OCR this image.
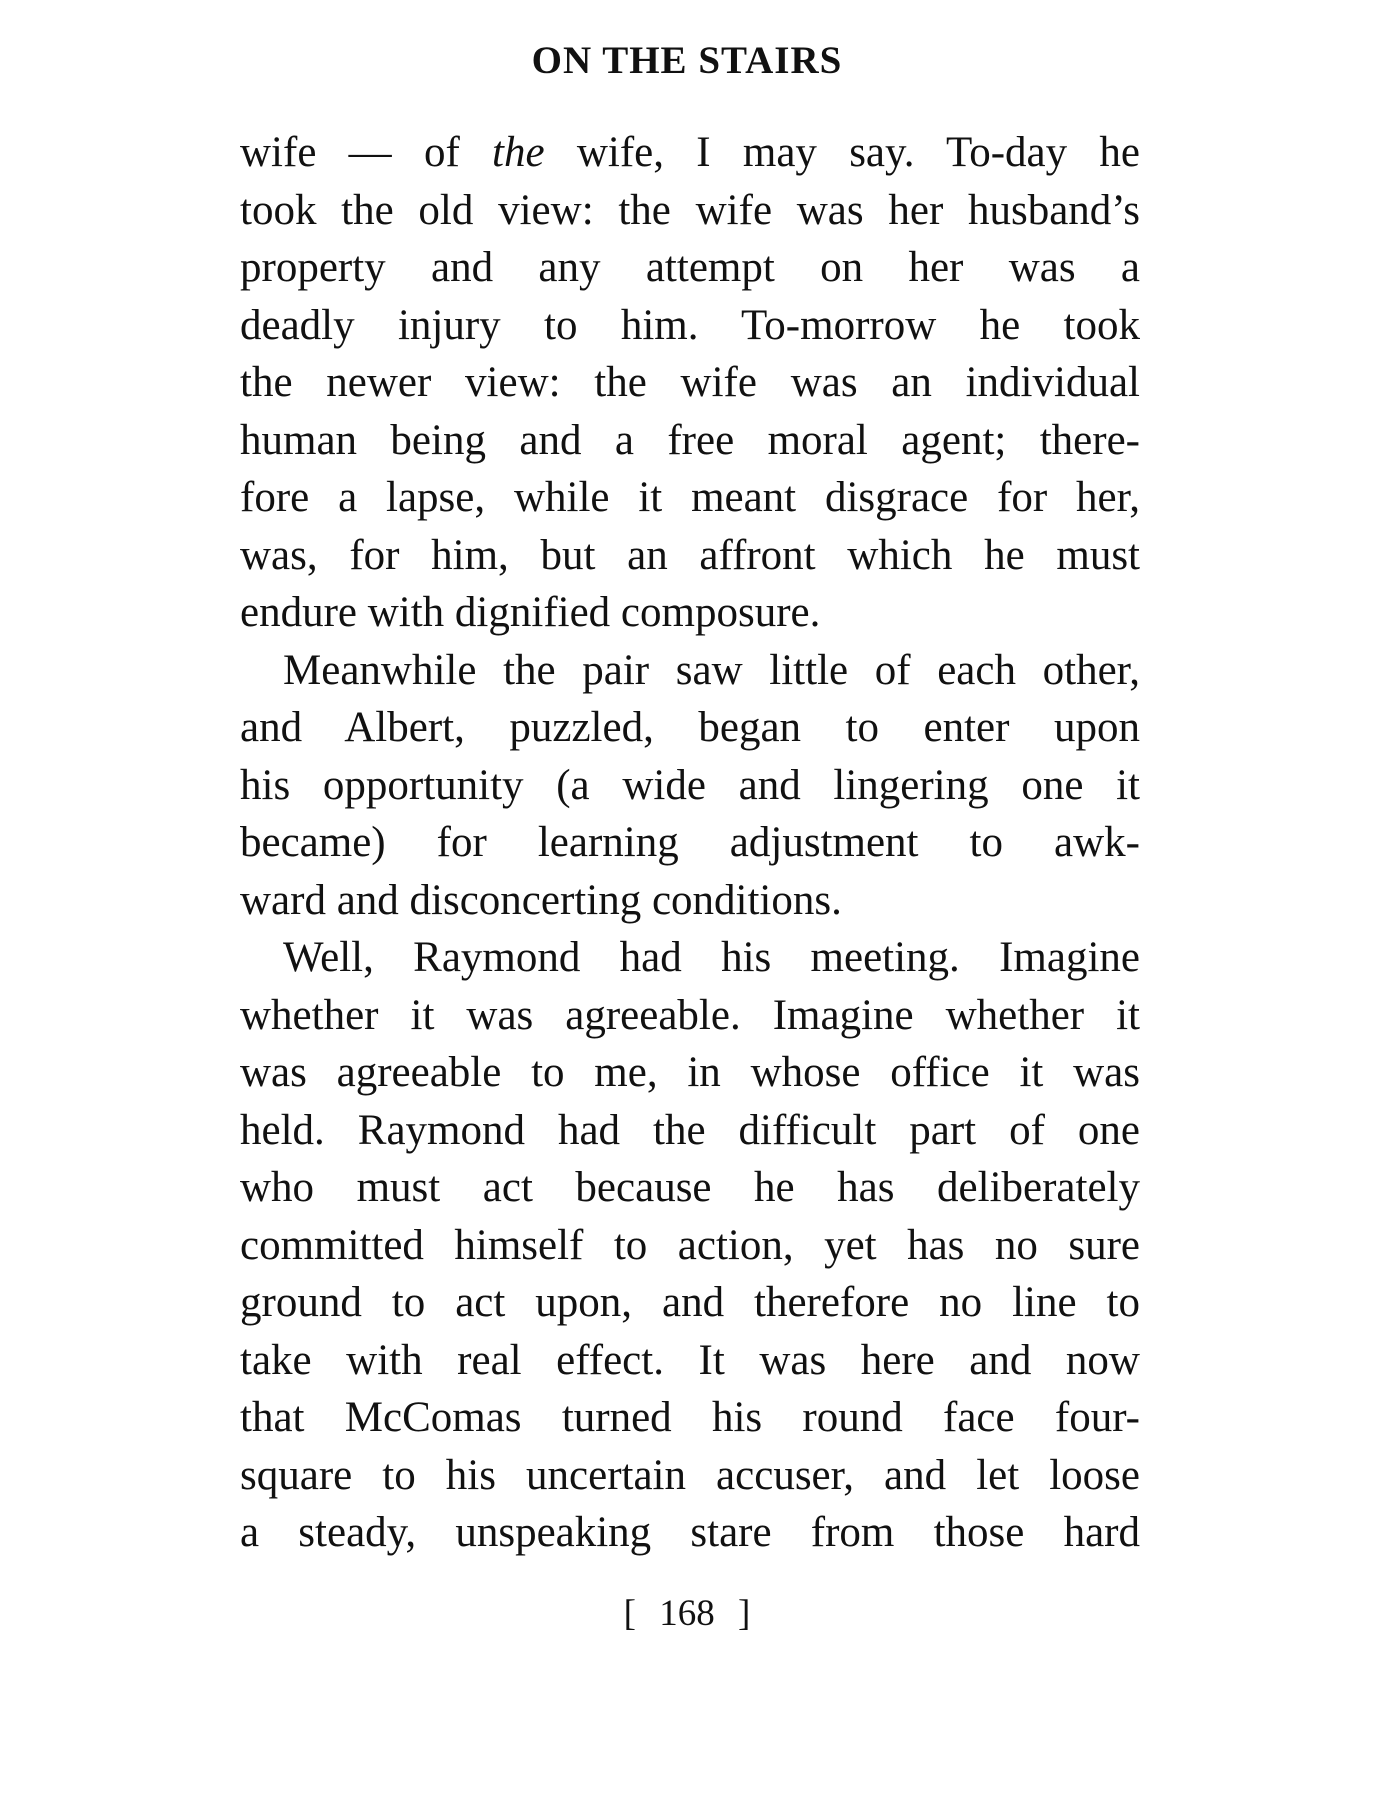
ON THE STAIRS
wife — of the wife, I may say. To-day he
took the old view: the wife was her husband’s
property and any attempt on her was a
deadly injury to him. To-morrow he took
the newer view: the wife was an individual
human being and a free moral agent; there-
fore a lapse, while it meant disgrace for her,
was, for him, but an affront which he must
endure with dignified composure.
Meanwhile the pair saw little of each other,
and Albert, puzzled, began to enter upon
his opportunity (a wide and lingering one it
became) for learning adjustment to awk-
ward and disconcerting conditions.
Well, Raymond had his meeting. Imagine
whether it was agreeable. Imagine whether it
was agreeable to me, in whose office it was
held. Raymond had the difficult part of one
who must act because he has deliberately
committed himself to action, yet has no sure
ground to act upon, and therefore no line to
take with real effect. It was here and now
that McComas turned his round face four-
square to his uncertain accuser, and let loose
a steady, unspeaking stare from those hard
[ 168 ]
